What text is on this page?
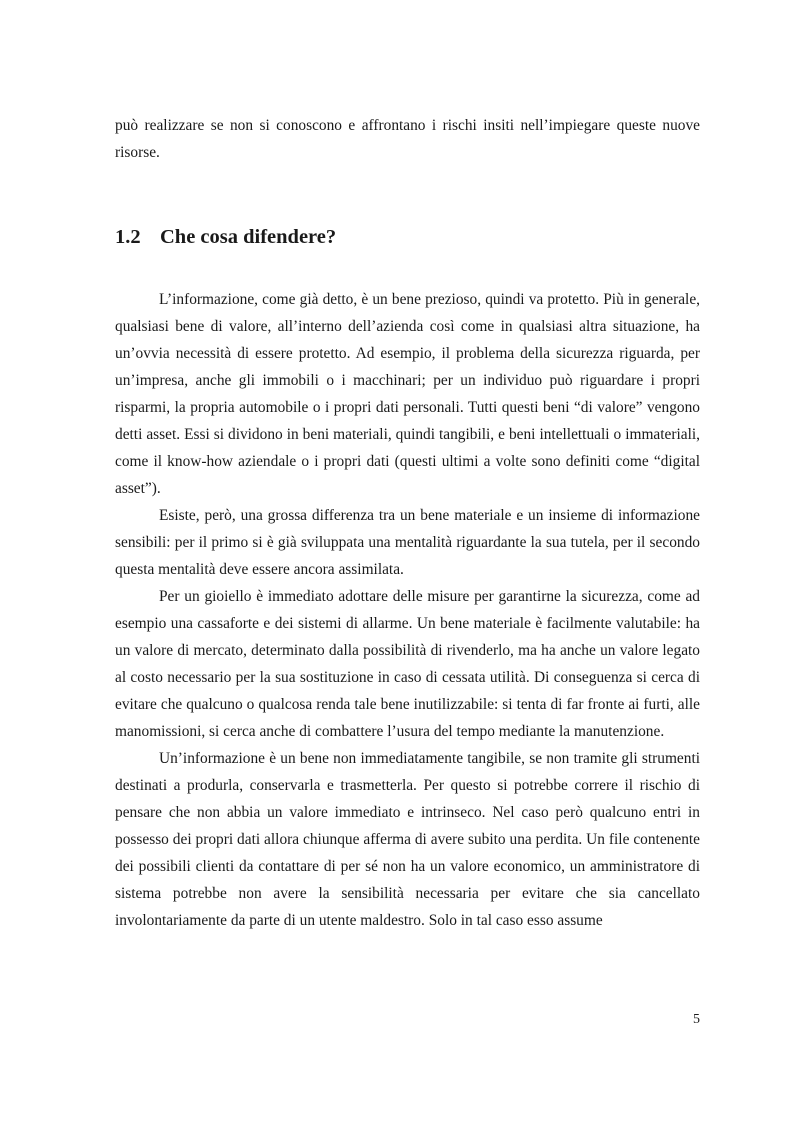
può realizzare se non si conoscono e affrontano i rischi insiti nell’impiegare queste nuove risorse.

1.2 Che cosa difendere?

L’informazione, come già detto, è un bene prezioso, quindi va protetto. Più in generale, qualsiasi bene di valore, all’interno dell’azienda così come in qualsiasi altra situazione, ha un’ovvia necessità di essere protetto. Ad esempio, il problema della sicurezza riguarda, per un’impresa, anche gli immobili o i macchinari; per un individuo può riguardare i propri risparmi, la propria automobile o i propri dati personali. Tutti questi beni “di valore” vengono detti asset. Essi si dividono in beni materiali, quindi tangibili, e beni intellettuali o immateriali, come il know-how aziendale o i propri dati (questi ultimi a volte sono definiti come “digital asset”).

Esiste, però, una grossa differenza tra un bene materiale e un insieme di informazione sensibili: per il primo si è già sviluppata una mentalità riguardante la sua tutela, per il secondo questa mentalità deve essere ancora assimilata.

Per un gioiello è immediato adottare delle misure per garantirne la sicurezza, come ad esempio una cassaforte e dei sistemi di allarme. Un bene materiale è facilmente valutabile: ha un valore di mercato, determinato dalla possibilità di rivenderlo, ma ha anche un valore legato al costo necessario per la sua sostituzione in caso di cessata utilità. Di conseguenza si cerca di evitare che qualcuno o qualcosa renda tale bene inutilizzabile: si tenta di far fronte ai furti, alle manomissioni, si cerca anche di combattere l’usura del tempo mediante la manutenzione.

Un’informazione è un bene non immediatamente tangibile, se non tramite gli strumenti destinati a produrla, conservarla e trasmetterla. Per questo si potrebbe correre il rischio di pensare che non abbia un valore immediato e intrinseco. Nel caso però qualcuno entri in possesso dei propri dati allora chiunque afferma di avere subito una perdita. Un file contenente dei possibili clienti da contattare di per sé non ha un valore economico, un amministratore di sistema potrebbe non avere la sensibilità necessaria per evitare che sia cancellato involontariamente da parte di un utente maldestro. Solo in tal caso esso assume

5
